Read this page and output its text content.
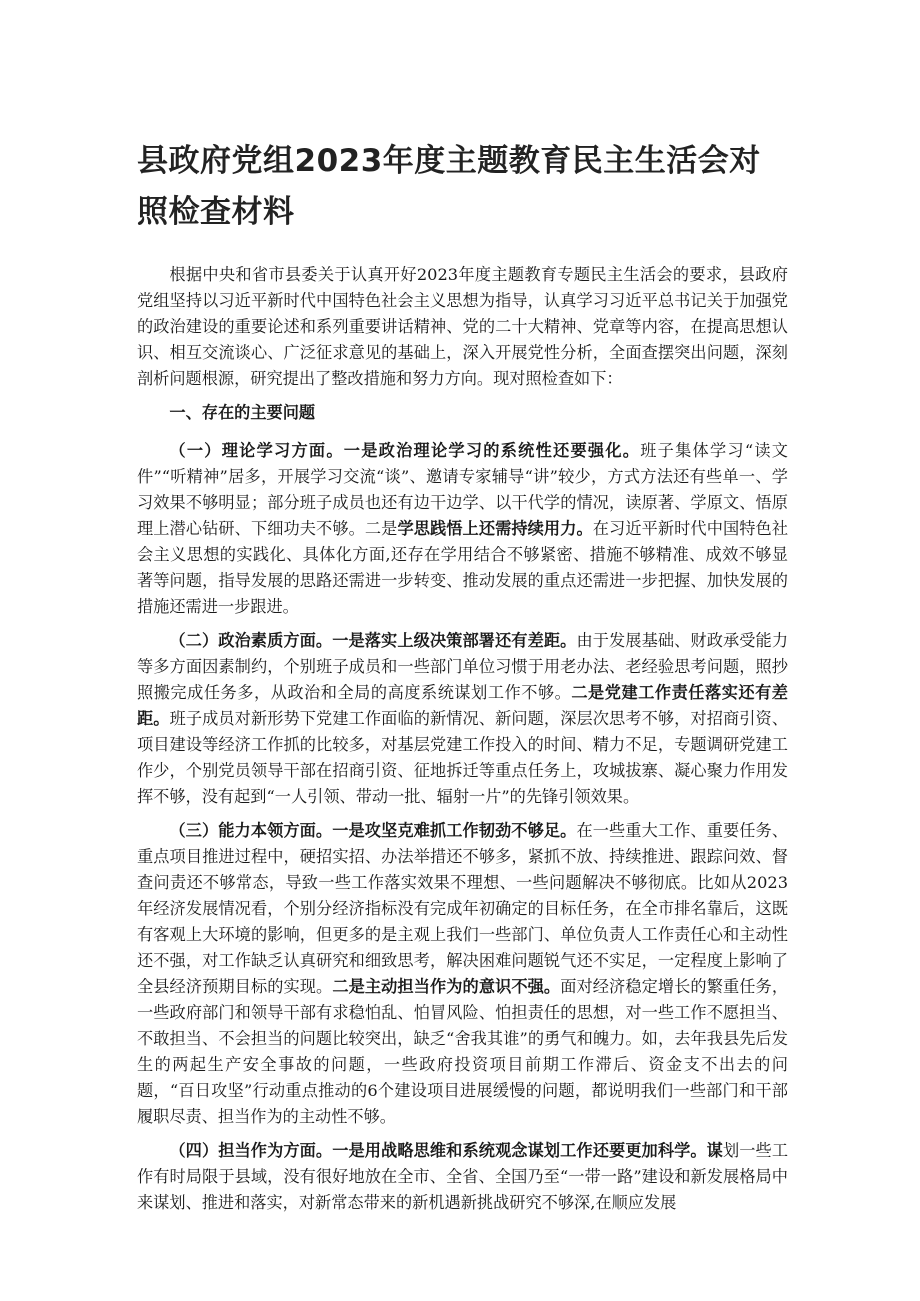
县政府党组2023年度主题教育民主生活会对照检查材料

根据中央和省市县委关于认真开好2023年度主题教育专题民主生活会的要求，县政府党组坚持以习近平新时代中国特色社会主义思想为指导，认真学习习近平总书记关于加强党的政治建设的重要论述和系列重要讲话精神、党的二十大精神、党章等内容，在提高思想认识、相互交流谈心、广泛征求意见的基础上，深入开展党性分析，全面查摆突出问题，深刻剖析问题根源，研究提出了整改措施和努力方向。现对照检查如下：

一、存在的主要问题

（一）理论学习方面。一是政治理论学习的系统性还要强化。班子集体学习“读文件”“听精神”居多，开展学习交流“谈”、邀请专家辅导“讲”较少，方式方法还有些单一、学习效果不够明显；部分班子成员也还有边干边学、以干代学的情况，读原著、学原文、悟原理上潜心钻研、下细功夫不够。二是学思践悟上还需持续用力。在习近平新时代中国特色社会主义思想的实践化、具体化方面,还存在学用结合不够紧密、措施不够精准、成效不够显著等问题，指导发展的思路还需进一步转变、推动发展的重点还需进一步把握、加快发展的措施还需进一步跟进。

（二）政治素质方面。一是落实上级决策部署还有差距。由于发展基础、财政承受能力等多方面因素制约，个别班子成员和一些部门单位习惯于用老办法、老经验思考问题，照抄照搬完成任务多，从政治和全局的高度系统谋划工作不够。二是党建工作责任落实还有差距。班子成员对新形势下党建工作面临的新情况、新问题，深层次思考不够，对招商引资、项目建设等经济工作抓的比较多，对基层党建工作投入的时间、精力不足，专题调研党建工作少，个别党员领导干部在招商引资、征地拆迁等重点任务上，攻城拔寨、凝心聚力作用发挥不够，没有起到“一人引领、带动一批、辐射一片”的先锋引领效果。

（三）能力本领方面。一是攻坚克难抓工作韧劲不够足。在一些重大工作、重要任务、重点项目推进过程中，硬招实招、办法举措还不够多，紧抓不放、持续推进、跟踪问效、督查问责还不够常态，导致一些工作落实效果不理想、一些问题解决不够彻底。比如从2023年经济发展情况看，个别分经济指标没有完成年初确定的目标任务，在全市排名靠后，这既有客观上大环境的影响，但更多的是主观上我们一些部门、单位负责人工作责任心和主动性还不强，对工作缺乏认真研究和细致思考，解决困难问题锐气还不实足，一定程度上影响了全县经济预期目标的实现。二是主动担当作为的意识不强。面对经济稳定增长的繁重任务，一些政府部门和领导干部有求稳怕乱、怕冒风险、怕担责任的思想，对一些工作不愿担当、不敢担当、不会担当的问题比较突出，缺乏“舍我其谁”的勇气和魄力。如，去年我县先后发生的两起生产安全事故的问题，一些政府投资项目前期工作滞后、资金支不出去的问题，“百日攻坚”行动重点推动的6个建设项目进展缓慢的问题，都说明我们一些部门和干部履职尽责、担当作为的主动性不够。

（四）担当作为方面。一是用战略思维和系统观念谋划工作还要更加科学。谋划一些工作有时局限于县域，没有很好地放在全市、全省、全国乃至“一带一路”建设和新发展格局中来谋划、推进和落实，对新常态带来的新机遇新挑战研究不够深,在顺应发展
